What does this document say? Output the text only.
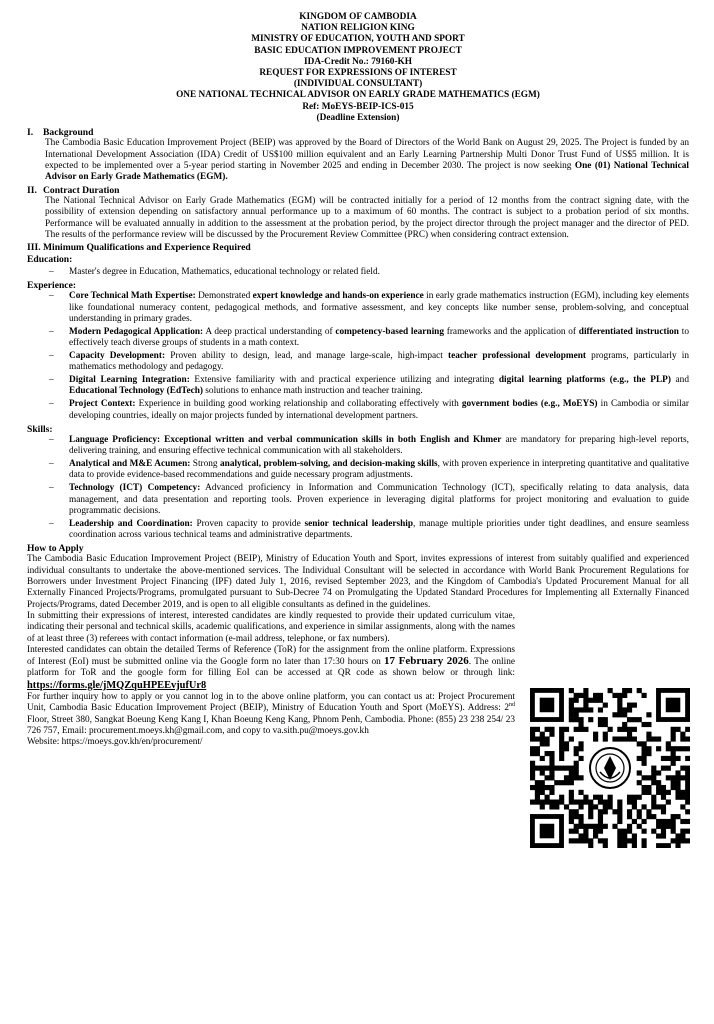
KINGDOM OF CAMBODIA
NATION RELIGION KING
MINISTRY OF EDUCATION, YOUTH AND SPORT
BASIC EDUCATION IMPROVEMENT PROJECT
IDA-Credit No.: 79160-KH
REQUEST FOR EXPRESSIONS OF INTEREST
(INDIVIDUAL CONSULTANT)
ONE NATIONAL TECHNICAL ADVISOR ON EARLY GRADE MATHEMATICS (EGM)
Ref: MoEYS-BEIP-ICS-015
(Deadline Extension)
I. Background

The Cambodia Basic Education Improvement Project (BEIP) was approved by the Board of Directors of the World Bank on August 29, 2025. The Project is funded by an International Development Association (IDA) Credit of US$100 million equivalent and an Early Learning Partnership Multi Donor Trust Fund of US$5 million. It is expected to be implemented over a 5-year period starting in November 2025 and ending in December 2030. The project is now seeking One (01) National Technical Advisor on Early Grade Mathematics (EGM).

II. Contract Duration

The National Technical Advisor on Early Grade Mathematics (EGM) will be contracted initially for a period of 12 months from the contract signing date, with the possibility of extension depending on satisfactory annual performance up to a maximum of 60 months. The contract is subject to a probation period of six months. Performance will be evaluated annually in addition to the assessment at the probation period, by the project director through the project manager and the director of PED. The results of the performance review will be discussed by the Procurement Review Committee (PRC) when considering contract extension.

III. Minimum Qualifications and Experience Required
Education:
– Master's degree in Education, Mathematics, educational technology or related field.
Experience:
– Core Technical Math Expertise: Demonstrated expert knowledge and hands-on experience in early grade mathematics instruction (EGM), including key elements like foundational numeracy content, pedagogical methods, and formative assessment, and key concepts like number sense, problem-solving, and conceptual understanding in primary grades.
– Modern Pedagogical Application: A deep practical understanding of competency-based learning frameworks and the application of differentiated instruction to effectively teach diverse groups of students in a math context.
– Capacity Development: Proven ability to design, lead, and manage large-scale, high-impact teacher professional development programs, particularly in mathematics methodology and pedagogy.
– Digital Learning Integration: Extensive familiarity with and practical experience utilizing and integrating digital learning platforms (e.g., the PLP) and Educational Technology (EdTech) solutions to enhance math instruction and teacher training.
– Project Context: Experience in building good working relationship and collaborating effectively with government bodies (e.g., MoEYS) in Cambodia or similar developing countries, ideally on major projects funded by international development partners.
Skills:
– Language Proficiency: Exceptional written and verbal communication skills in both English and Khmer are mandatory for preparing high-level reports, delivering training, and ensuring effective technical communication with all stakeholders.
– Analytical and M&E Acumen: Strong analytical, problem-solving, and decision-making skills, with proven experience in interpreting quantitative and qualitative data to provide evidence-based recommendations and guide necessary program adjustments.
– Technology (ICT) Competency: Advanced proficiency in Information and Communication Technology (ICT), specifically relating to data analysis, data management, and data presentation and reporting tools. Proven experience in leveraging digital platforms for project monitoring and evaluation to guide programmatic decisions.
– Leadership and Coordination: Proven capacity to provide senior technical leadership, manage multiple priorities under tight deadlines, and ensure seamless coordination across various technical teams and administrative departments.
How to Apply

The Cambodia Basic Education Improvement Project (BEIP), Ministry of Education Youth and Sport, invites expressions of interest from suitably qualified and experienced individual consultants to undertake the above-mentioned services. The Individual Consultant will be selected in accordance with World Bank Procurement Regulations for Borrowers under Investment Project Financing (IPF) dated July 1, 2016, revised September 2023, and the Kingdom of Cambodia's Updated Procurement Manual for all Externally Financed Projects/Programs, promulgated pursuant to Sub-Decree 74 on Promulgating the Updated Standard Procedures for Implementing all Externally Financed Projects/Programs, dated December 2019, and is open to all eligible consultants as defined in the guidelines.

In submitting their expressions of interest, interested candidates are kindly requested to provide their updated curriculum vitae, indicating their personal and technical skills, academic qualifications, and experience in similar assignments, along with the names of at least three (3) referees with contact information (e-mail address, telephone, or fax numbers).

Interested candidates can obtain the detailed Terms of Reference (ToR) for the assignment from the online platform. Expressions of Interest (EoI) must be submitted online via the Google form no later than 17:30 hours on 17 February 2026. The online platform for ToR and the google form for filling EoI can be accessed at QR code as shown below or through link: https://forms.gle/jMQZquHPEEvjufUr8

For further inquiry how to apply or you cannot log in to the above online platform, you can contact us at: Project Procurement Unit, Cambodia Basic Education Improvement Project (BEIP), Ministry of Education Youth and Sport (MoEYS). Address: 2nd Floor, Street 380, Sangkat Boeung Keng Kang I, Khan Boeung Keng Kang, Phnom Penh, Cambodia. Phone: (855) 23 238 254/ 23 726 757, Email: procurement.moeys.kh@gmail.com, and copy to va.sith.pu@moeys.gov.kh

Website: https://moeys.gov.kh/en/procurement/
